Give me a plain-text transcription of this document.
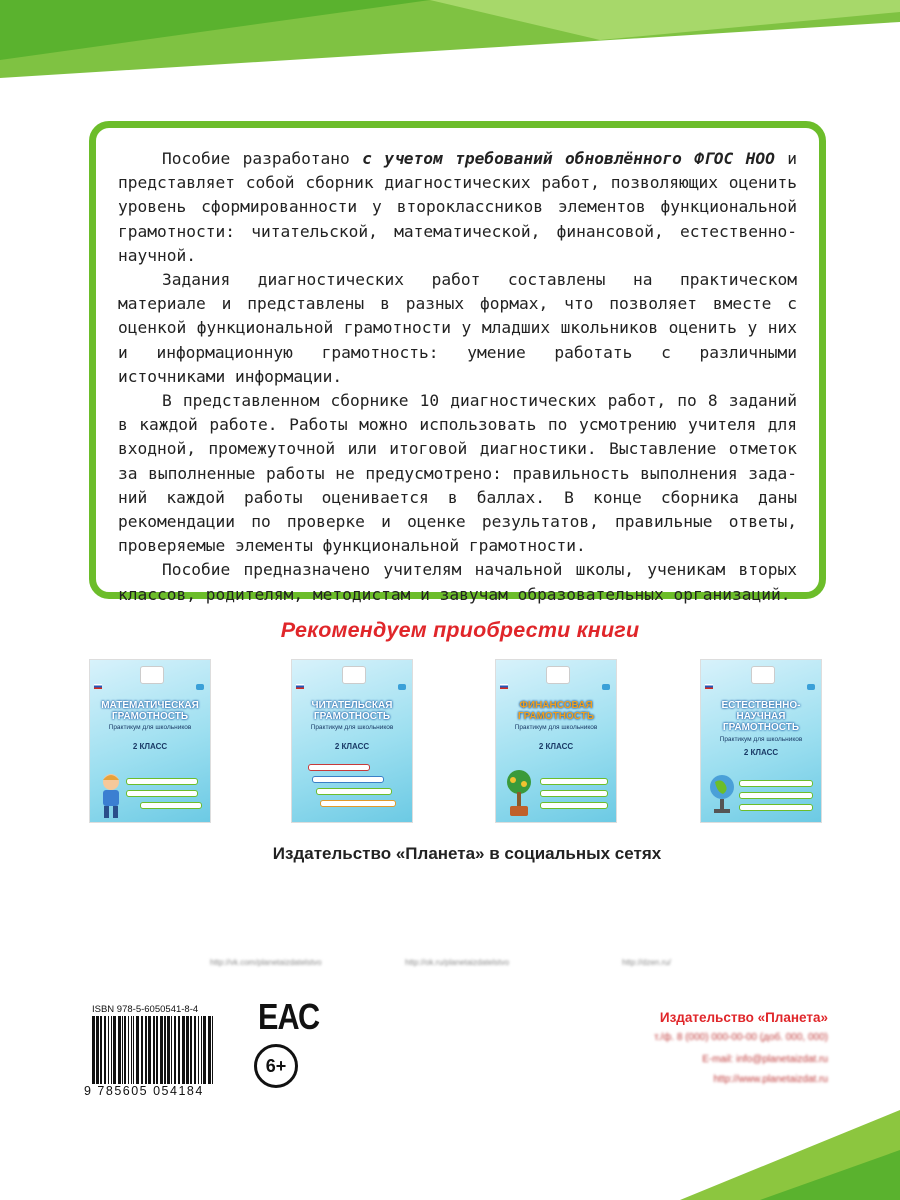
Пособие разработано с учетом требований обновлённого ФГОС НОО и представляет собой сборник диагностических работ, позволяющих оценить уровень сформированности у второклассников элементов функциональной грамотности: читательской, математической, финансовой, естественно-научной.

Задания диагностических работ составлены на практическом материале и представлены в разных формах, что позволяет вместе с оценкой функциональной грамотности у младших школьников оценить у них и информационную грамотность: умение работать с различными источниками информации.

В представленном сборнике 10 диагностических работ, по 8 заданий в каждой работе. Работы можно использовать по усмотрению учителя для входной, промежуточной или итоговой диагностики. Выставление отметок за выполненные работы не предусмотрено: правильность выполнения заданий каждой работы оценивается в баллах. В конце сборника даны рекомендации по проверке и оценке результатов, правильные ответы, проверяемые элементы функциональной грамотности.

Пособие предназначено учителям начальной школы, ученикам вторых классов, родителям, методистам и завучам образовательных организаций.

Рекомендуем приобрести книги
МАТЕМАТИЧЕСКАЯ ГРАМОТНОСТЬ
Практикум для школьников
2 КЛАСС
ЧИТАТЕЛЬСКАЯ ГРАМОТНОСТЬ
Практикум для школьников
2 КЛАСС
ФИНАНСОВАЯ ГРАМОТНОСТЬ
Практикум для школьников
2 КЛАСС
ЕСТЕСТВЕННО-НАУЧНАЯ ГРАМОТНОСТЬ
Практикум для школьников
2 КЛАСС
Издательство «Планета» в социальных сетях
http://vk.com/planetaizdatelstvo	http://ok.ru/planetaizdatelstvo	http://dzen.ru/
ISBN 978-5-6050541-8-4
9 785605 054184
ЕАС
6+
Издательство «Планета»
т./ф. 8 (000) 000-00-00 (доб. 000, 000)
E-mail: info@planetaizdat.ru
http://www.planetaizdat.ru
